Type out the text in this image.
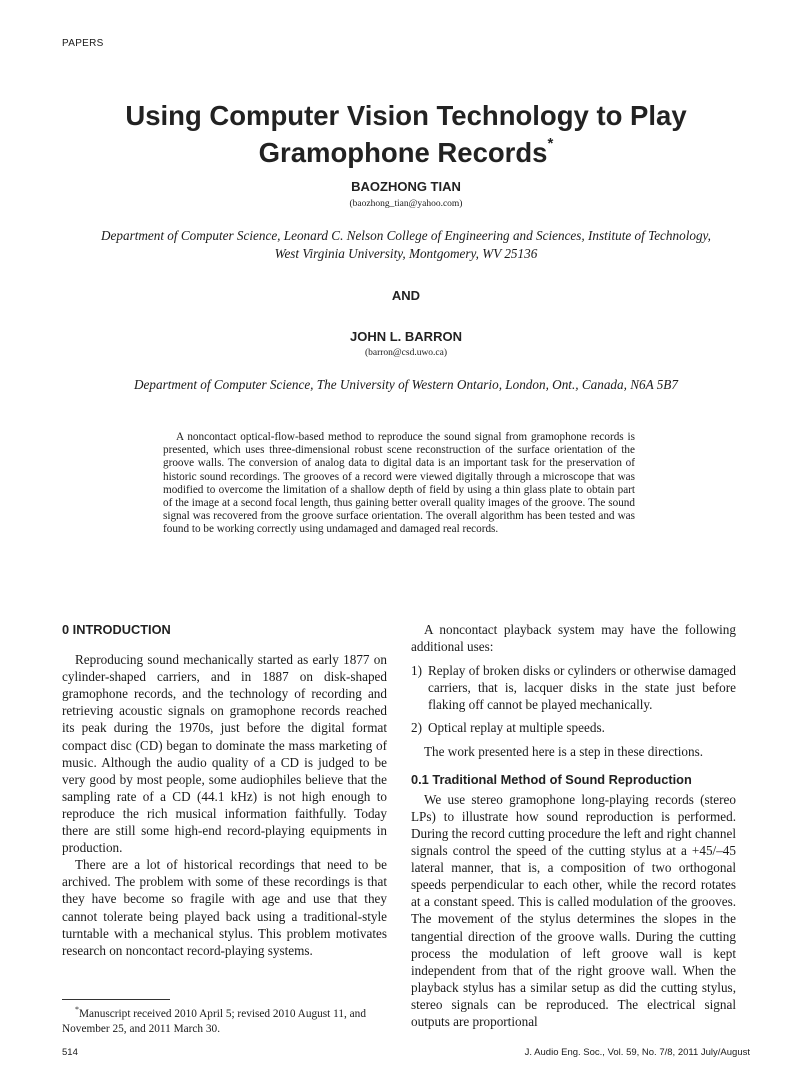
PAPERS
Using Computer Vision Technology to Play
Gramophone Records*
BAOZHONG TIAN
(baozhong_tian@yahoo.com)
Department of Computer Science, Leonard C. Nelson College of Engineering and Sciences, Institute of Technology,
West Virginia University, Montgomery, WV 25136
AND
JOHN L. BARRON
(barron@csd.uwo.ca)
Department of Computer Science, The University of Western Ontario, London, Ont., Canada, N6A 5B7
A noncontact optical-flow-based method to reproduce the sound signal from gramophone records is presented, which uses three-dimensional robust scene reconstruction of the surface orientation of the groove walls. The conversion of analog data to digital data is an important task for the preservation of historic sound recordings. The grooves of a record were viewed digitally through a microscope that was modified to overcome the limitation of a shallow depth of field by using a thin glass plate to obtain part of the image at a second focal length, thus gaining better overall quality images of the groove. The sound signal was recovered from the groove surface orientation. The overall algorithm has been tested and was found to be working correctly using undamaged and damaged real records.
0 INTRODUCTION

Reproducing sound mechanically started as early 1877 on cylinder-shaped carriers, and in 1887 on disk-shaped gramophone records, and the technology of recording and retrieving acoustic signals on gramophone records reached its peak during the 1970s, just before the digital format compact disc (CD) began to dominate the mass marketing of music. Although the audio quality of a CD is judged to be very good by most people, some audiophiles believe that the sampling rate of a CD (44.1 kHz) is not high enough to reproduce the rich musical information faithfully. Today there are still some high-end record-playing equipments in production.

There are a lot of historical recordings that need to be archived. The problem with some of these recordings is that they have become so fragile with age and use that they cannot tolerate being played back using a traditional-style turntable with a mechanical stylus. This problem motivates research on noncontact record-playing systems.

*Manuscript received 2010 April 5; revised 2010 August 11, and November 25, and 2011 March 30.

A noncontact playback system may have the following additional uses:

1) Replay of broken disks or cylinders or otherwise damaged carriers, that is, lacquer disks in the state just before flaking off cannot be played mechanically.
2) Optical replay at multiple speeds.

The work presented here is a step in these directions.

0.1 Traditional Method of Sound Reproduction

We use stereo gramophone long-playing records (stereo LPs) to illustrate how sound reproduction is performed. During the record cutting procedure the left and right channel signals control the speed of the cutting stylus at a +45/–45 lateral manner, that is, a composition of two orthogonal speeds perpendicular to each other, while the record rotates at a constant speed. This is called modulation of the grooves. The movement of the stylus determines the slopes in the tangential direction of the groove walls. During the cutting process the modulation of left groove wall is kept independent from that of the right groove wall. When the playback stylus has a similar setup as did the cutting stylus, stereo signals can be reproduced. The electrical signal outputs are proportional

514	J. Audio Eng. Soc., Vol. 59, No. 7/8, 2011 July/August
